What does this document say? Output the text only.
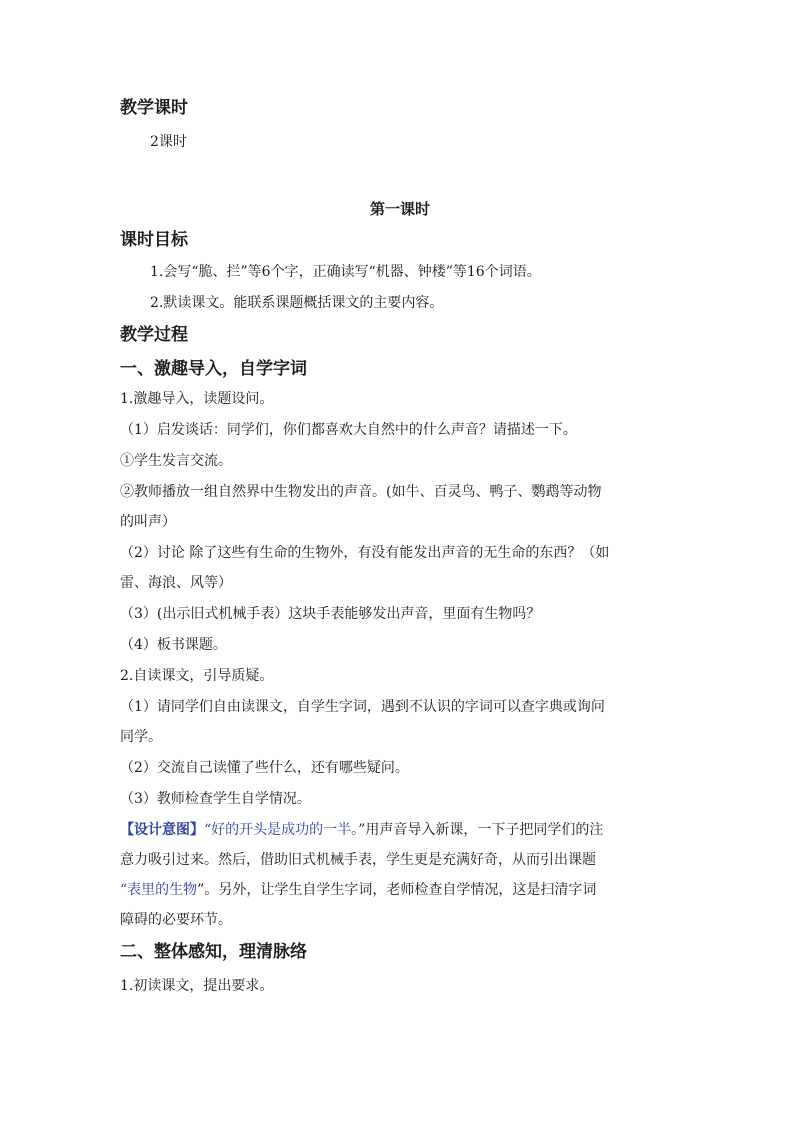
教学课时
2课时
第一课时
课时目标
1.会写“脆、拦”等6个字，正确读写“机器、钟楼”等16个词语。
2.默读课文。能联系课题概括课文的主要内容。
教学过程
一、激趣导入，自学字词
1.激趣导入，读题设问。
（1）启发谈话：同学们，你们都喜欢大自然中的什么声音？请描述一下。
①学生发言交流。
②教师播放一组自然界中生物发出的声音。(如牛、百灵鸟、鸭子、鹦鹉等动物
的叫声）
（2）讨论 除了这些有生命的生物外，有没有能发出声音的无生命的东西？（如
雷、海浪、风等）
（3）(出示旧式机械手表）这块手表能够发出声音，里面有生物吗？
（4）板书课题。
2.自读课文，引导质疑。
（1）请同学们自由读课文，自学生字词，遇到不认识的字词可以查字典或询问
同学。
（2）交流自己读懂了些什么，还有哪些疑问。
（3）教师检查学生自学情况。
【设计意图】“好的开头是成功的一半。”用声音导入新课，一下子把同学们的注
意力吸引过来。然后，借助旧式机械手表，学生更是充满好奇，从而引出课题
“表里的生物”。另外，让学生自学生字词，老师检查自学情况，这是扫清字词
障碍的必要环节。
二、整体感知，理清脉络
1.初读课文，提出要求。
